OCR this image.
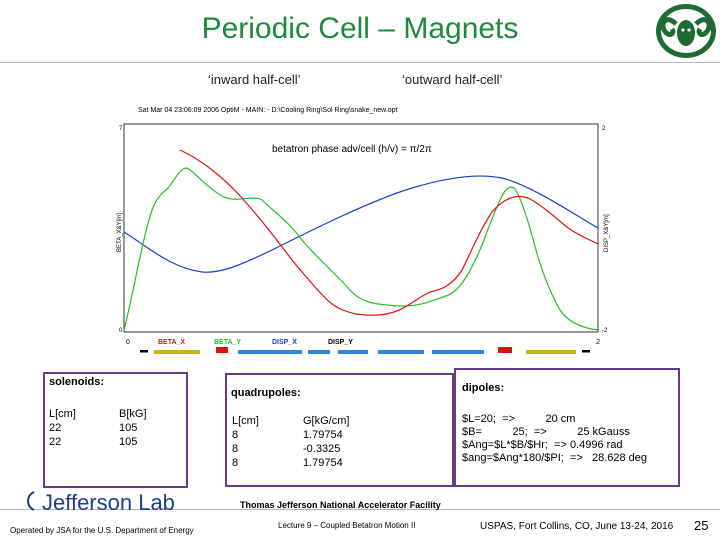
Periodic Cell – Magnets
‘inward half-cell’	‘outward half-cell’
Sat Mar 04 23:06:09 2006 OptiM - MAIN: - D:\Cooling Ring\Sol Ring\snake_new.opt
betatron phase adv/cell (h/v) = π/2π
7
0
2
-2
BETA_X&Y[m]	DISP_X&Y[m]
0	2
BETA_X	BETA_Y	DISP_X	DISP_Y
solenoids:
L[cm]	B[kG]
22	105
22	105
quadrupoles:
L[cm]	G[kG/cm]
8	1.79754
8	-0.3325
8	1.79754
dipoles:
$L=20;  =>          20 cm
$B=          25;  =>          25 kGauss
$Ang=$L*$B/$Hr;  => 0.4996 rad
$ang=$Ang*180/$PI;  =>   28.628 deg
Jefferson Lab
Operated by JSA for the U.S. Department of Energy
Thomas Jefferson National Accelerator Facility
Lecture 9 – Coupled Betatron Motion II	USPAS, Fort Collins, CO, June 13-24, 2016 25
